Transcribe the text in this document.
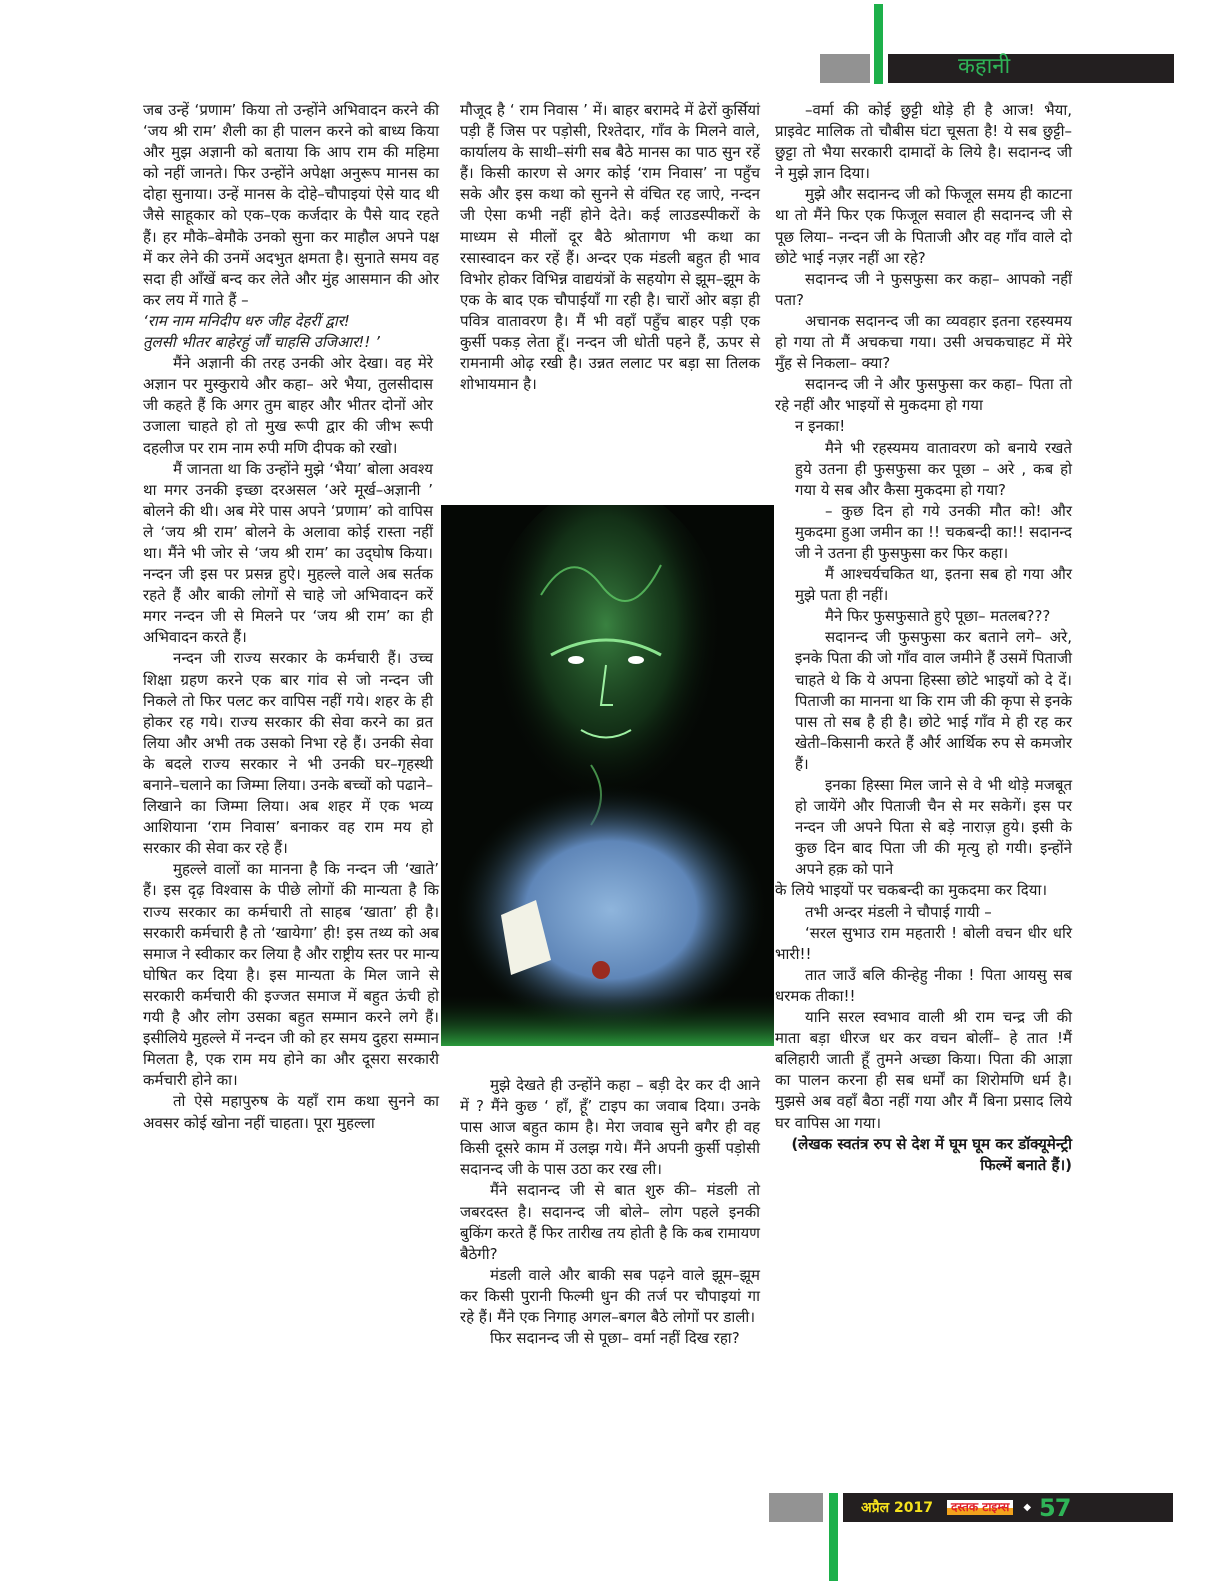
कहानी

जब उन्हें ‘प्रणाम’ किया तो उन्होंने अभिवादन करने की ‘जय श्री राम’ शैली का ही पालन करने को बाध्य किया और मुझ अज्ञानी को बताया कि आप राम की महिमा को नहीं जानते। फिर उन्होंने अपेक्षा अनुरूप मानस का दोहा सुनाया। उन्हें मानस के दोहे–चौपाइयां ऐसे याद थी जैसे साहूकार को एक–एक कर्जदार के पैसे याद रहते हैं। हर मौके–बेमौके उनको सुना कर माहौल अपने पक्ष में कर लेने की उनमें अदभुत क्षमता है। सुनाते समय वह सदा ही आँखें बन्द कर लेते और मुंह आसमान की ओर कर लय में गाते हैं –

‘राम नाम मनिदीप धरु जीह देहरीं द्वार!

तुलसी भीतर बाहेरहुं जौं चाहसि उजिआर!! ’

मैंने अज्ञानी की तरह उनकी ओर देखा। वह मेरे अज्ञान पर मुस्कुराये और कहा– अरे भैया, तुलसीदास जी कहते हैं कि अगर तुम बाहर और भीतर दोनों ओर उजाला चाहते हो तो मुख रूपी द्वार की जीभ रूपी दहलीज पर राम नाम रुपी मणि दीपक को रखो।

मैं जानता था कि उन्होंने मुझे ‘भैया’ बोला अवश्य था मगर उनकी इच्छा दरअसल ‘अरे मूर्ख–अज्ञानी ’ बोलने की थी। अब मेरे पास अपने ‘प्रणाम’ को वापिस ले ‘जय श्री राम’ बोलने के अलावा कोई रास्ता नहीं था। मैंने भी जोर से ‘जय श्री राम’ का उद्‌घोष किया। नन्दन जी इस पर प्रसन्न हुऐ। मुहल्ले वाले अब सर्तक रहते हैं और बाकी लोगों से चाहे जो अभिवादन करें मगर नन्दन जी से मिलने पर ‘जय श्री राम’ का ही अभिवादन करते हैं।

नन्दन जी राज्य सरकार के कर्मचारी हैं। उच्च शिक्षा ग्रहण करने एक बार गांव से जो नन्दन जी निकले तो फिर पलट कर वापिस नहीं गये। शहर के ही होकर रह गये। राज्य सरकार की सेवा करने का व्रत लिया और अभी तक उसको निभा रहे हैं। उनकी सेवा के बदले राज्य सरकार ने भी उनकी घर–गृहस्थी बनाने–चलाने का जिम्मा लिया। उनके बच्चों को पढाने–लिखाने का जिम्मा लिया। अब शहर में एक भव्य आशियाना ‘राम निवास’ बनाकर वह राम मय हो सरकार की सेवा कर रहे हैं।

मुहल्ले वालों का मानना है कि नन्दन जी ‘खाते’ हैं। इस दृढ़ विश्वास के पीछे लोगों की मान्यता है कि राज्य सरकार का कर्मचारी तो साहब ‘खाता’ ही है। सरकारी कर्मचारी है तो ‘खायेगा’ ही! इस तथ्य को अब समाज ने स्वीकार कर लिया है और राष्ट्रीय स्तर पर मान्य घोषित कर दिया है। इस मान्यता के मिल जाने से सरकारी कर्मचारी की इज्जत समाज में बहुत ऊंची हो गयी है और लोग उसका बहुत सम्मान करने लगे हैं। इसीलिये मुहल्ले में नन्दन जी को हर समय दुहरा सम्मान मिलता है, एक राम मय होने का और दूसरा सरकारी कर्मचारी होने का।

तो ऐसे महापुरुष के यहाँ राम कथा सुनने का अवसर कोई खोना नहीं चाहता। पूरा मुहल्ला

मौजूद है ‘ राम निवास ’ में। बाहर बरामदे में ढेरों कुर्सियां पड़ी हैं जिस पर पड़ोसी, रिश्तेदार, गाँव के मिलने वाले, कार्यालय के साथी–संगी सब बैठे मानस का पाठ सुन रहें हैं। किसी कारण से अगर कोई ‘राम निवास’ ना पहुँच सके और इस कथा को सुनने से वंचित रह जाऐ, नन्दन जी ऐसा कभी नहीं होने देते। कई लाउडस्पीकरों के माध्यम से मीलों दूर बैठे श्रोतागण भी कथा का रसास्वादन कर रहें हैं। अन्दर एक मंडली बहुत ही भाव विभोर होकर विभिन्न वाद्ययंत्रों के सहयोग से झूम–झूम के एक के बाद एक चौपाईयाँ गा रही है। चारों ओर बड़ा ही पवित्र वातावरण है। मैं भी वहाँ पहुँच बाहर पड़ी एक कुर्सी पकड़ लेता हूँ। नन्दन जी धोती पहने हैं, ऊपर से रामनामी ओढ़ रखी है। उन्नत ललाट पर बड़ा सा तिलक शोभायमान है।

मुझे देखते ही उन्होंने कहा – बड़ी देर कर दी आने में ? मैंने कुछ ‘ हाँ, हूँ’ टाइप का जवाब दिया। उनके पास आज बहुत काम है। मेरा जवाब सुने बगैर ही वह किसी दूसरे काम में उलझ गये। मैंने अपनी कुर्सी पड़ोसी सदानन्द जी के पास उठा कर रख ली।

मैंने सदानन्द जी से बात शुरु की– मंडली तो जबरदस्त है। सदानन्द जी बोले– लोग पहले इनकी बुकिंग करते हैं फिर तारीख तय होती है कि कब रामायण बैठेगी?

मंडली वाले और बाकी सब पढ़ने वाले झूम–झूम कर किसी पुरानी फिल्मी धुन की तर्ज पर चौपाइयां गा रहे हैं। मैंने एक निगाह अगल–बगल बैठे लोगों पर डाली।

फिर सदानन्द जी से पूछा– वर्मा नहीं दिख रहा?

–वर्मा की कोई छुट्टी थोड़े ही है आज! भैया, प्राइवेट मालिक तो चौबीस घंटा चूसता है! ये सब छुट्टी–छुट्टा तो भैया सरकारी दामादों के लिये है। सदानन्द जी ने मुझे ज्ञान दिया।

मुझे और सदानन्द जी को फिजूल समय ही काटना था तो मैंने फिर एक फिजूल सवाल ही सदानन्द जी से पूछ लिया– नन्दन जी के पिताजी और वह गाँव वाले दो छोटे भाई नज़र नहीं आ रहे?

सदानन्द जी ने फुसफुसा कर कहा– आपको नहीं पता?

अचानक सदानन्द जी का व्यवहार इतना रहस्यमय हो गया तो मैं अचकचा गया। उसी अचकचाहट में मेरे मुँह से निकला– क्या?

सदानन्द जी ने और फुसफुसा कर कहा– पिता तो रहे नहीं और भाइयों से मुकदमा हो गया

न इनका!

मैने भी रहस्यमय वातावरण को बनाये रखते हुये उतना ही फुसफुसा कर पूछा – अरे , कब हो गया ये सब और कैसा मुकदमा हो गया?

– कुछ दिन हो गये उनकी मौत को! और मुकदमा हुआ जमीन का !! चकबन्दी का!! सदानन्द जी ने उतना ही फुसफुसा कर फिर कहा।

मैं आश्चर्यचकित था, इतना सब हो गया और मुझे पता ही नहीं।

मैने फिर फुसफुसाते हुऐ पूछा– मतलब???

सदानन्द जी फुसफुसा कर बताने लगे– अरे, इनके पिता की जो गाँव वाल जमीने हैं उसमें पिताजी चाहते थे कि ये अपना हिस्सा छोटे भाइयों को दे दें। पिताजी का मानना था कि राम जी की कृपा से इनके पास तो सब है ही है। छोटे भाई गाँव मे ही रह कर खेती–किसानी करते हैं और्र आर्थिक रुप से कमजोर हैं।

इनका हिस्सा मिल जाने से वे भी थोड़े मजबूत हो जायेंगे और पिताजी चैन से मर सकेगें। इस पर नन्दन जी अपने पिता से बड़े नाराज़ हुये। इसी के कुछ दिन बाद पिता जी की मृत्यु हो गयी। इन्होंने अपने हक़ को पाने

के लिये भाइयों पर चकबन्दी का मुकदमा कर दिया।

तभी अन्दर मंडली ने चौपाई गायी –

‘सरल सुभाउ राम महतारी ! बोली वचन धीर धरि भारी!!

तात जाउँ बलि कीन्हेहु नीका ! पिता आयसु सब धरमक तीका!!

यानि सरल स्वभाव वाली श्री राम चन्द्र जी की माता बड़ा धीरज धर कर वचन बोलीं– हे तात !मैं बलिहारी जाती हूँ तुमने अच्छा किया। पिता की आज्ञा का पालन करना ही सब धर्मों का शिरोमणि धर्म है। मुझसे अब वहाँ बैठा नहीं गया और मैं बिना प्रसाद लिये घर वापिस आ गया।

(लेखक स्वतंत्र रुप से देश में घूम घूम कर डॉक्यूमेन्ट्री फिल्में बनाते हैं।)

अप्रैल 2017	दस्तक टाइम्स	◆ 57
